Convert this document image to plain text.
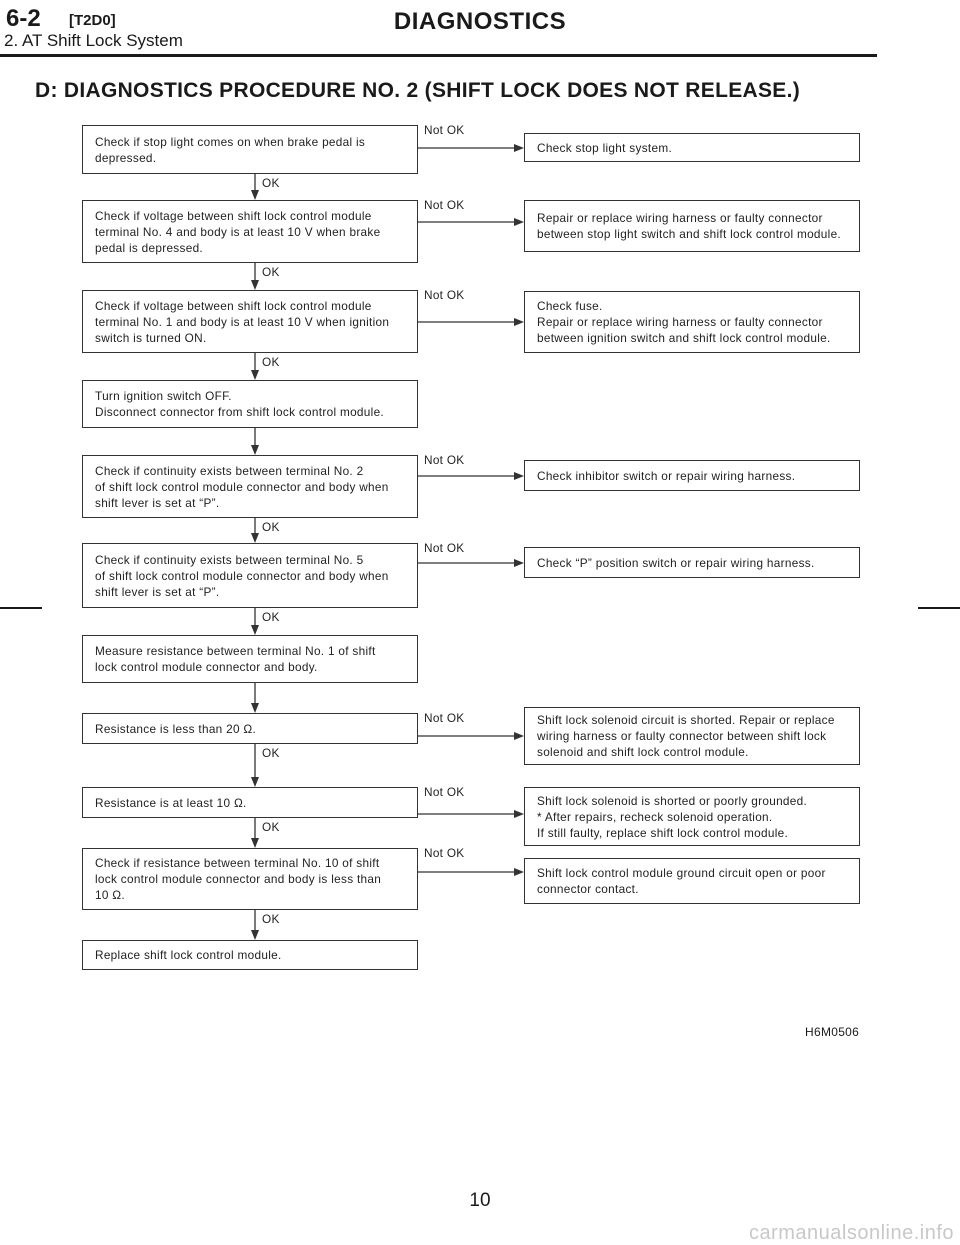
6-2 [T2D0]	DIAGNOSTICS
2. AT Shift Lock System
D: DIAGNOSTICS PROCEDURE NO. 2 (SHIFT LOCK DOES NOT RELEASE.)
Check if stop light comes on when brake pedal is
depressed.
Check stop light system.
Not OK
OK
Check if voltage between shift lock control module
terminal No. 4 and body is at least 10 V when brake
pedal is depressed.
Repair or replace wiring harness or faulty connector
between stop light switch and shift lock control module.
Not OK
OK
Check if voltage between shift lock control module
terminal No. 1 and body is at least 10 V when ignition
switch is turned ON.
Check fuse.
Repair or replace wiring harness or faulty connector
between ignition switch and shift lock control module.
Not OK
OK
Turn ignition switch OFF.
Disconnect connector from shift lock control module.
Check if continuity exists between terminal No. 2
of shift lock control module connector and body when
shift lever is set at “P”.
Check inhibitor switch or repair wiring harness.
Not OK
OK
Check if continuity exists between terminal No. 5
of shift lock control module connector and body when
shift lever is set at “P”.
Check “P” position switch or repair wiring harness.
Not OK
OK
Measure resistance between terminal No. 1 of shift
lock control module connector and body.
Resistance is less than 20 Ω.
Shift lock solenoid circuit is shorted. Repair or replace
wiring harness or faulty connector between shift lock
solenoid and shift lock control module.
Not OK
OK
Resistance is at least 10 Ω.	Shift lock solenoid is shorted or poorly grounded.
* After repairs, recheck solenoid operation.
If still faulty, replace shift lock control module.
Not OK
OK
Check if resistance between terminal No. 10 of shift
lock control module connector and body is less than
10 Ω.
Shift lock control module ground circuit open or poor
connector contact.
Not OK
OK
Replace shift lock control module.
H6M0506
10
carmanualsonline.info
